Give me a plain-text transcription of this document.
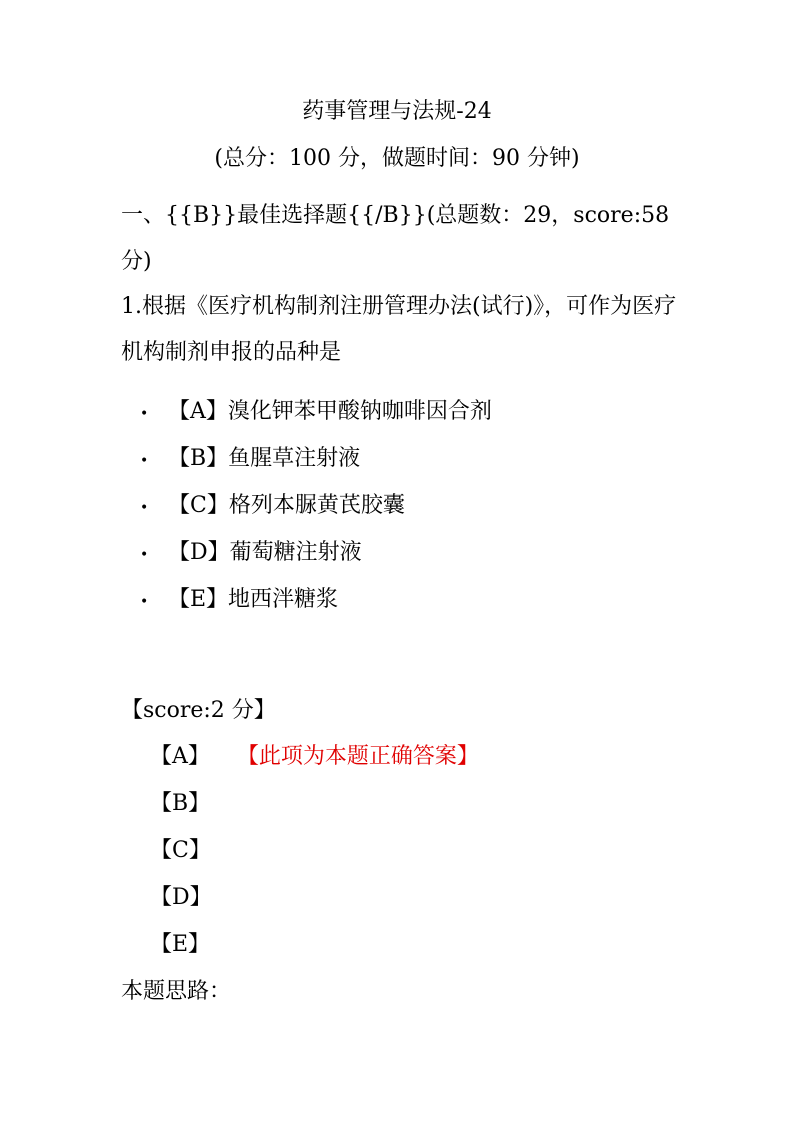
药事管理与法规-24
(总分：100 分，做题时间：90 分钟)
一、{{B}}最佳选择题{{/B}}(总题数：29，score:58 分)
1.根据《医疗机构制剂注册管理办法(试行)》，可作为医疗机构制剂申报的品种是
• 【A】溴化钾苯甲酸钠咖啡因合剂
• 【B】鱼腥草注射液
• 【C】格列本脲黄芪胶囊
• 【D】葡萄糖注射液
• 【E】地西泮糖浆
【score:2 分】
【A】 【此项为本题正确答案】
【B】
【C】
【D】
【E】
本题思路：
